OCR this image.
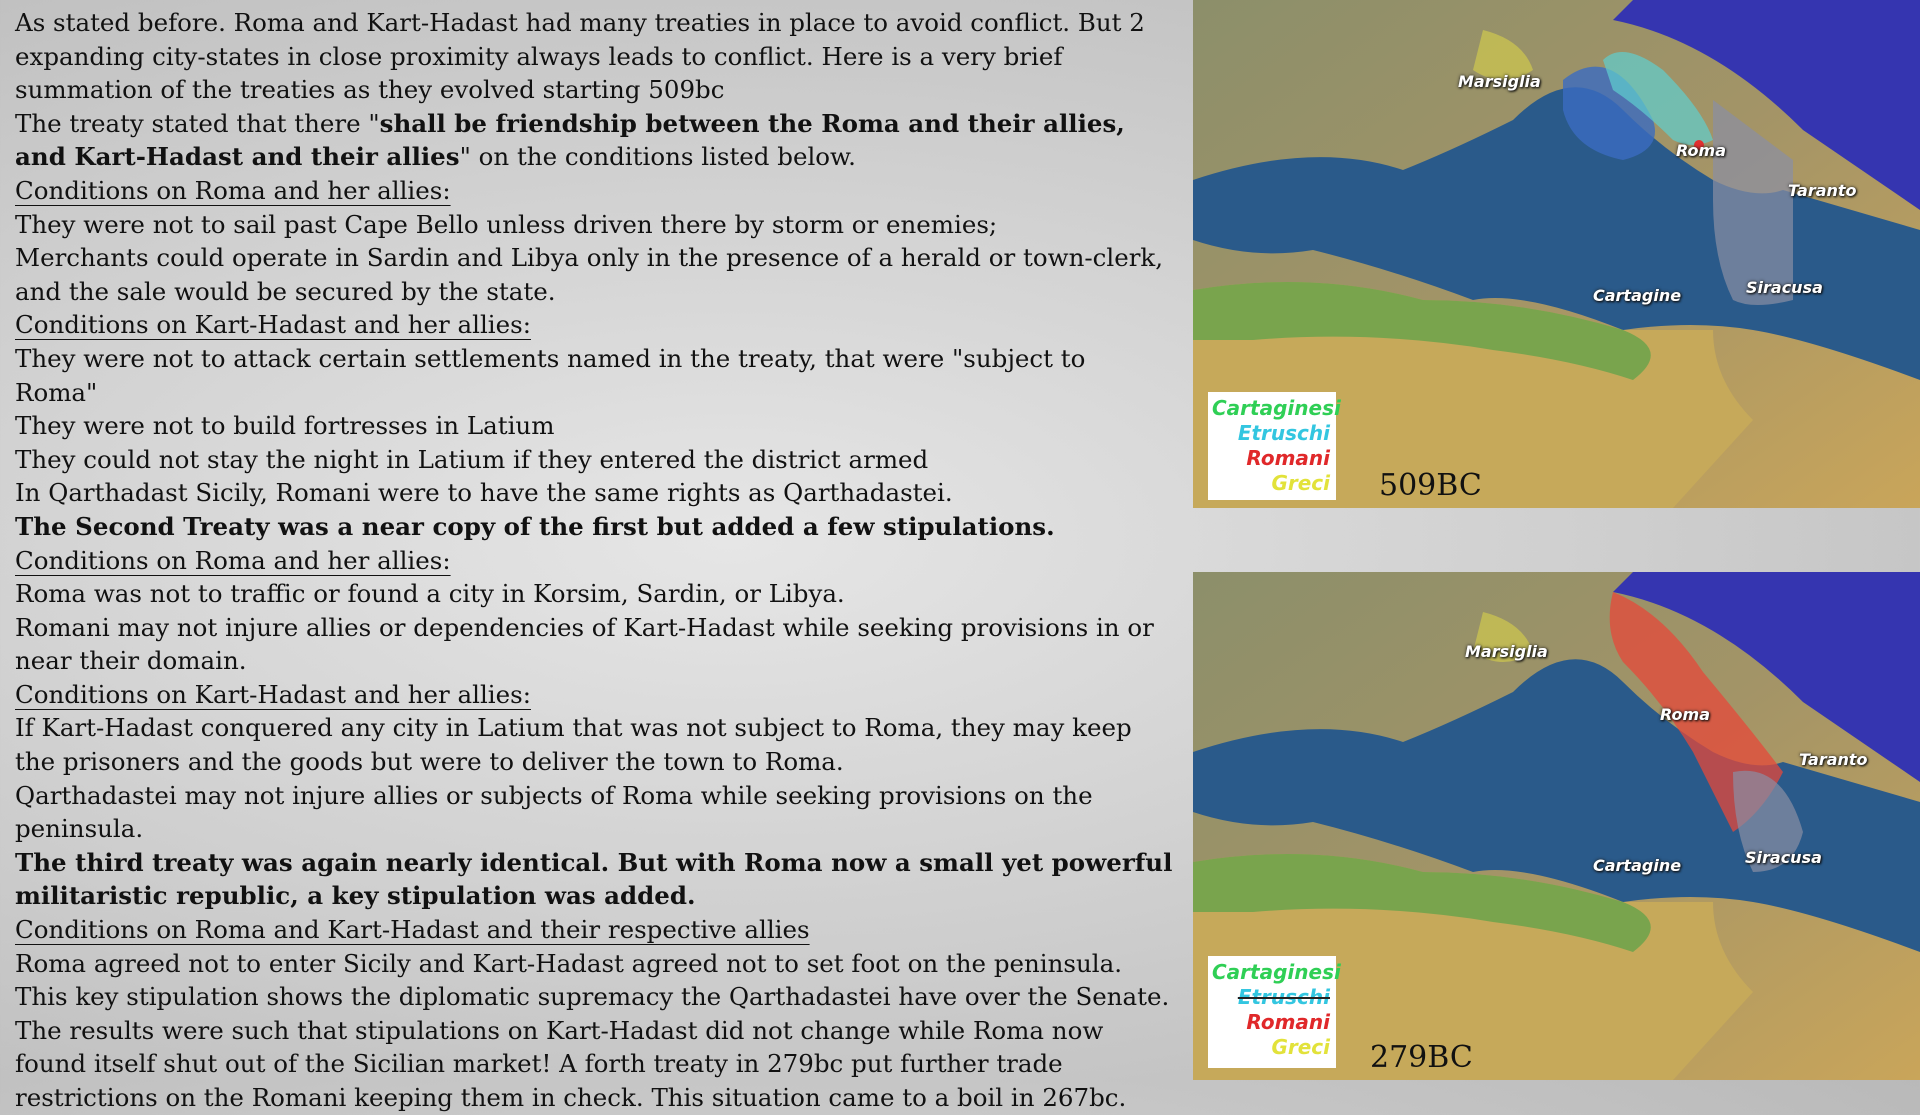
As stated before. Roma and Kart-Hadast had many treaties in place to avoid conflict. But 2 expanding city-states in close proximity always leads to conflict. Here is a very brief summation of the treaties as they evolved starting 509bc
The treaty stated that there "shall be friendship between the Roma and their allies, and Kart-Hadast and their allies" on the conditions listed below.
Conditions on Roma and her allies:
They were not to sail past Cape Bello unless driven there by storm or enemies;
Merchants could operate in Sardin and Libya only in the presence of a herald or town-clerk, and the sale would be secured by the state.
Conditions on Kart-Hadast and her allies:
They were not to attack certain settlements named in the treaty, that were "subject to Roma"
They were not to build fortresses in Latium
They could not stay the night in Latium if they entered the district armed
In Qarthadast Sicily, Romani were to have the same rights as Qarthadastei.
The Second Treaty was a near copy of the first but added a few stipulations.
Conditions on Roma and her allies:
Roma was not to traffic or found a city in Korsim, Sardin, or Libya.
Romani may not injure allies or dependencies of Kart-Hadast while seeking provisions in or near their domain.
Conditions on Kart-Hadast and her allies:
If Kart-Hadast conquered any city in Latium that was not subject to Roma, they may keep the prisoners and the goods but were to deliver the town to Roma.
Qarthadastei may not injure allies or subjects of Roma while seeking provisions on the peninsula.
The third treaty was again nearly identical. But with Roma now a small yet powerful militaristic republic, a key stipulation was added.
Conditions on Roma and Kart-Hadast and their respective allies
Roma agreed not to enter Sicily and Kart-Hadast agreed not to set foot on the peninsula.
This key stipulation shows the diplomatic supremacy the Qarthadastei have over the Senate. The results were such that stipulations on Kart-Hadast did not change while Roma now found itself shut out of the Sicilian market! A forth treaty in 279bc put further trade restrictions on the Romani keeping them in check. This situation came to a boil in 267bc.
Marsiglia
Roma
Taranto
Cartagine	Siracusa
Cartaginesi
Etruschi
Romani
Greci 509BC
Marsiglia
Roma
Taranto
Cartagine	Siracusa
Cartaginesi
Etruschi
Romani
Greci 279BC
